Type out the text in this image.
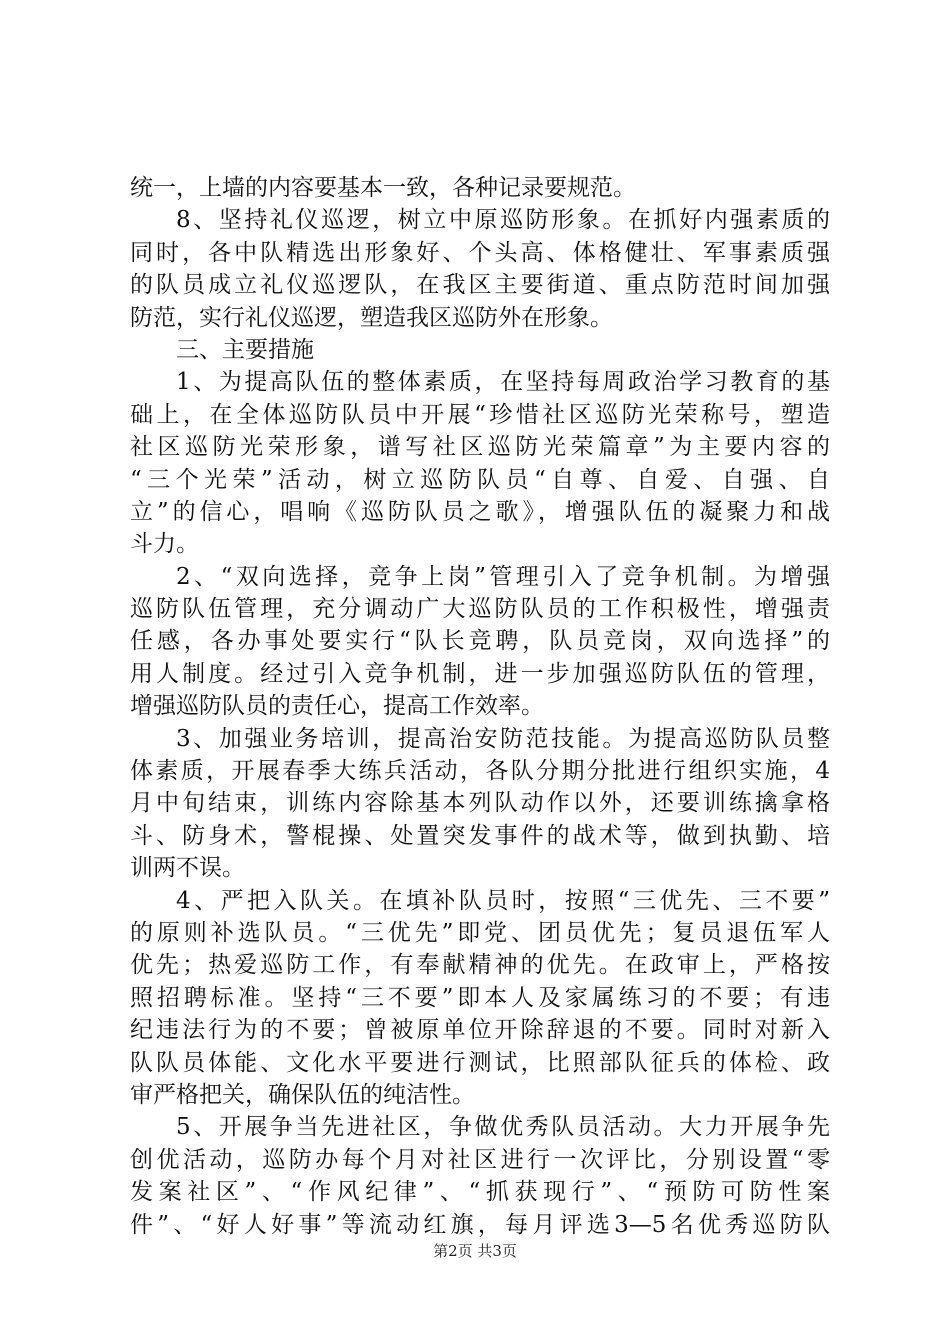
统一，上墙的内容要基本一致，各种记录要规范。
8、坚持礼仪巡逻，树立中原巡防形象。在抓好内强素质的
同时，各中队精选出形象好、个头高、体格健壮、军事素质强
的队员成立礼仪巡逻队，在我区主要街道、重点防范时间加强
防范，实行礼仪巡逻，塑造我区巡防外在形象。
三、主要措施
1、为提高队伍的整体素质，在坚持每周政治学习教育的基
础上，在全体巡防队员中开展“珍惜社区巡防光荣称号，塑造
社区巡防光荣形象，谱写社区巡防光荣篇章”为主要内容的
“三个光荣”活动，树立巡防队员“自尊、自爱、自强、自
立”的信心，唱响《巡防队员之歌》，增强队伍的凝聚力和战
斗力。
2、“双向选择，竞争上岗”管理引入了竞争机制。为增强
巡防队伍管理，充分调动广大巡防队员的工作积极性，增强责
任感，各办事处要实行“队长竞聘，队员竞岗，双向选择”的
用人制度。经过引入竞争机制，进一步加强巡防队伍的管理，
增强巡防队员的责任心，提高工作效率。
3、加强业务培训，提高治安防范技能。为提高巡防队员整
体素质，开展春季大练兵活动，各队分期分批进行组织实施，4
月中旬结束，训练内容除基本列队动作以外，还要训练擒拿格
斗、防身术，警棍操、处置突发事件的战术等，做到执勤、培
训两不误。
4、严把入队关。在填补队员时，按照“三优先、三不要”
的原则补选队员。“三优先”即党、团员优先；复员退伍军人
优先；热爱巡防工作，有奉献精神的优先。在政审上，严格按
照招聘标准。坚持“三不要”即本人及家属练习的不要；有违
纪违法行为的不要；曾被原单位开除辞退的不要。同时对新入
队队员体能、文化水平要进行测试，比照部队征兵的体检、政
审严格把关，确保队伍的纯洁性。
5、开展争当先进社区，争做优秀队员活动。大力开展争先
创优活动，巡防办每个月对社区进行一次评比，分别设置“零
发案社区”、“作风纪律”、“抓获现行”、“预防可防性案
件”、“好人好事”等流动红旗，每月评选3—5名优秀巡防队
第2页 共3页
